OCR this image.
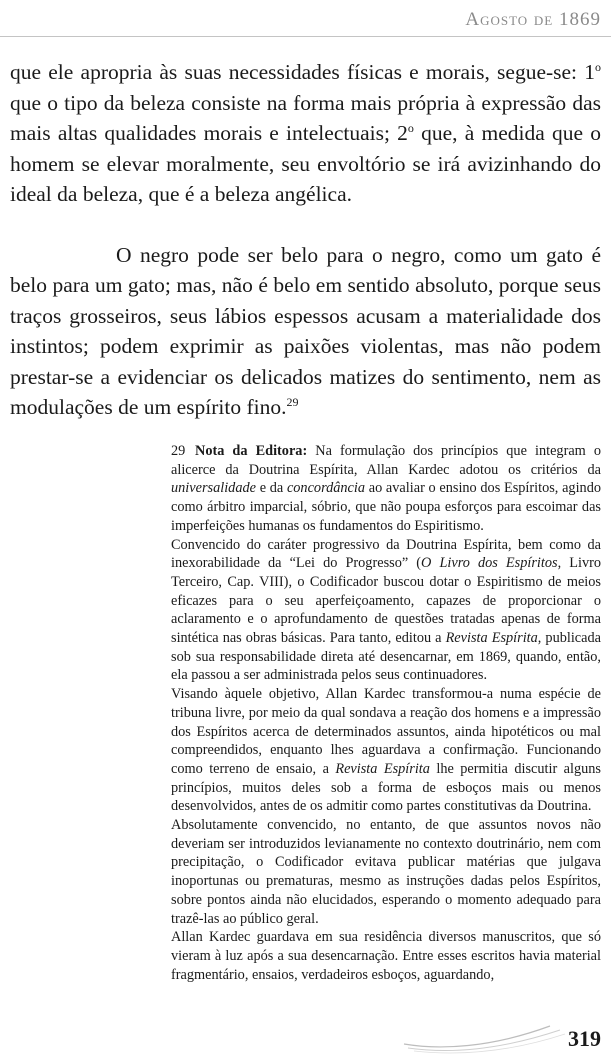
Agosto de 1869

que ele apropria às suas necessidades físicas e morais, segue-se: 1$^o$ que o tipo da beleza consiste na forma mais própria à expressão das mais altas qualidades morais e intelectuais; 2$^o$ que, à medida que o homem se elevar moralmente, seu envoltório se irá avizinhando do ideal da beleza, que é a beleza angélica.

O negro pode ser belo para o negro, como um gato é belo para um gato; mas, não é belo em sentido absoluto, porque seus traços grosseiros, seus lábios espessos acusam a materialidade dos instintos; podem exprimir as paixões violentas, mas não podem prestar-se a evidenciar os delicados matizes do sentimento, nem as modulações de um espírito fino.$^{29}$

29 Nota da Editora: Na formulação dos princípios que integram o alicerce da Doutrina Espírita, Allan Kardec adotou os critérios da universalidade e da concordância ao avaliar o ensino dos Espíritos, agindo como árbitro imparcial, sóbrio, que não poupa esforços para escoimar das imperfeições humanas os fundamentos do Espiritismo.

Convencido do caráter progressivo da Doutrina Espírita, bem como da inexorabilidade da “Lei do Progresso” (O Livro dos Espíritos, Livro Terceiro, Cap. VIII), o Codificador buscou dotar o Espiritismo de meios eficazes para o seu aperfeiçoamento, capazes de proporcionar o aclaramento e o aprofundamento de questões tratadas apenas de forma sintética nas obras básicas. Para tanto, editou a Revista Espírita, publicada sob sua responsabilidade direta até desencarnar, em 1869, quando, então, ela passou a ser administrada pelos seus continuadores.

Visando àquele objetivo, Allan Kardec transformou-a numa espécie de tribuna livre, por meio da qual sondava a reação dos homens e a impressão dos Espíritos acerca de determinados assuntos, ainda hipotéticos ou mal compreendidos, enquanto lhes aguardava a confirmação. Funcionando como terreno de ensaio, a Revista Espírita lhe permitia discutir alguns princípios, muitos deles sob a forma de esboços mais ou menos desenvolvidos, antes de os admitir como partes constitutivas da Doutrina.

Absolutamente convencido, no entanto, de que assuntos novos não deveriam ser introduzidos levianamente no contexto doutrinário, nem com precipitação, o Codificador evitava publicar matérias que julgava inoportunas ou prematuras, mesmo as instruções dadas pelos Espíritos, sobre pontos ainda não elucidados, esperando o momento adequado para trazê-las ao público geral.

Allan Kardec guardava em sua residência diversos manuscritos, que só vieram à luz após a sua desencarnação. Entre esses escritos havia material fragmentário, ensaios, verdadeiros esboços, aguardando,

319
